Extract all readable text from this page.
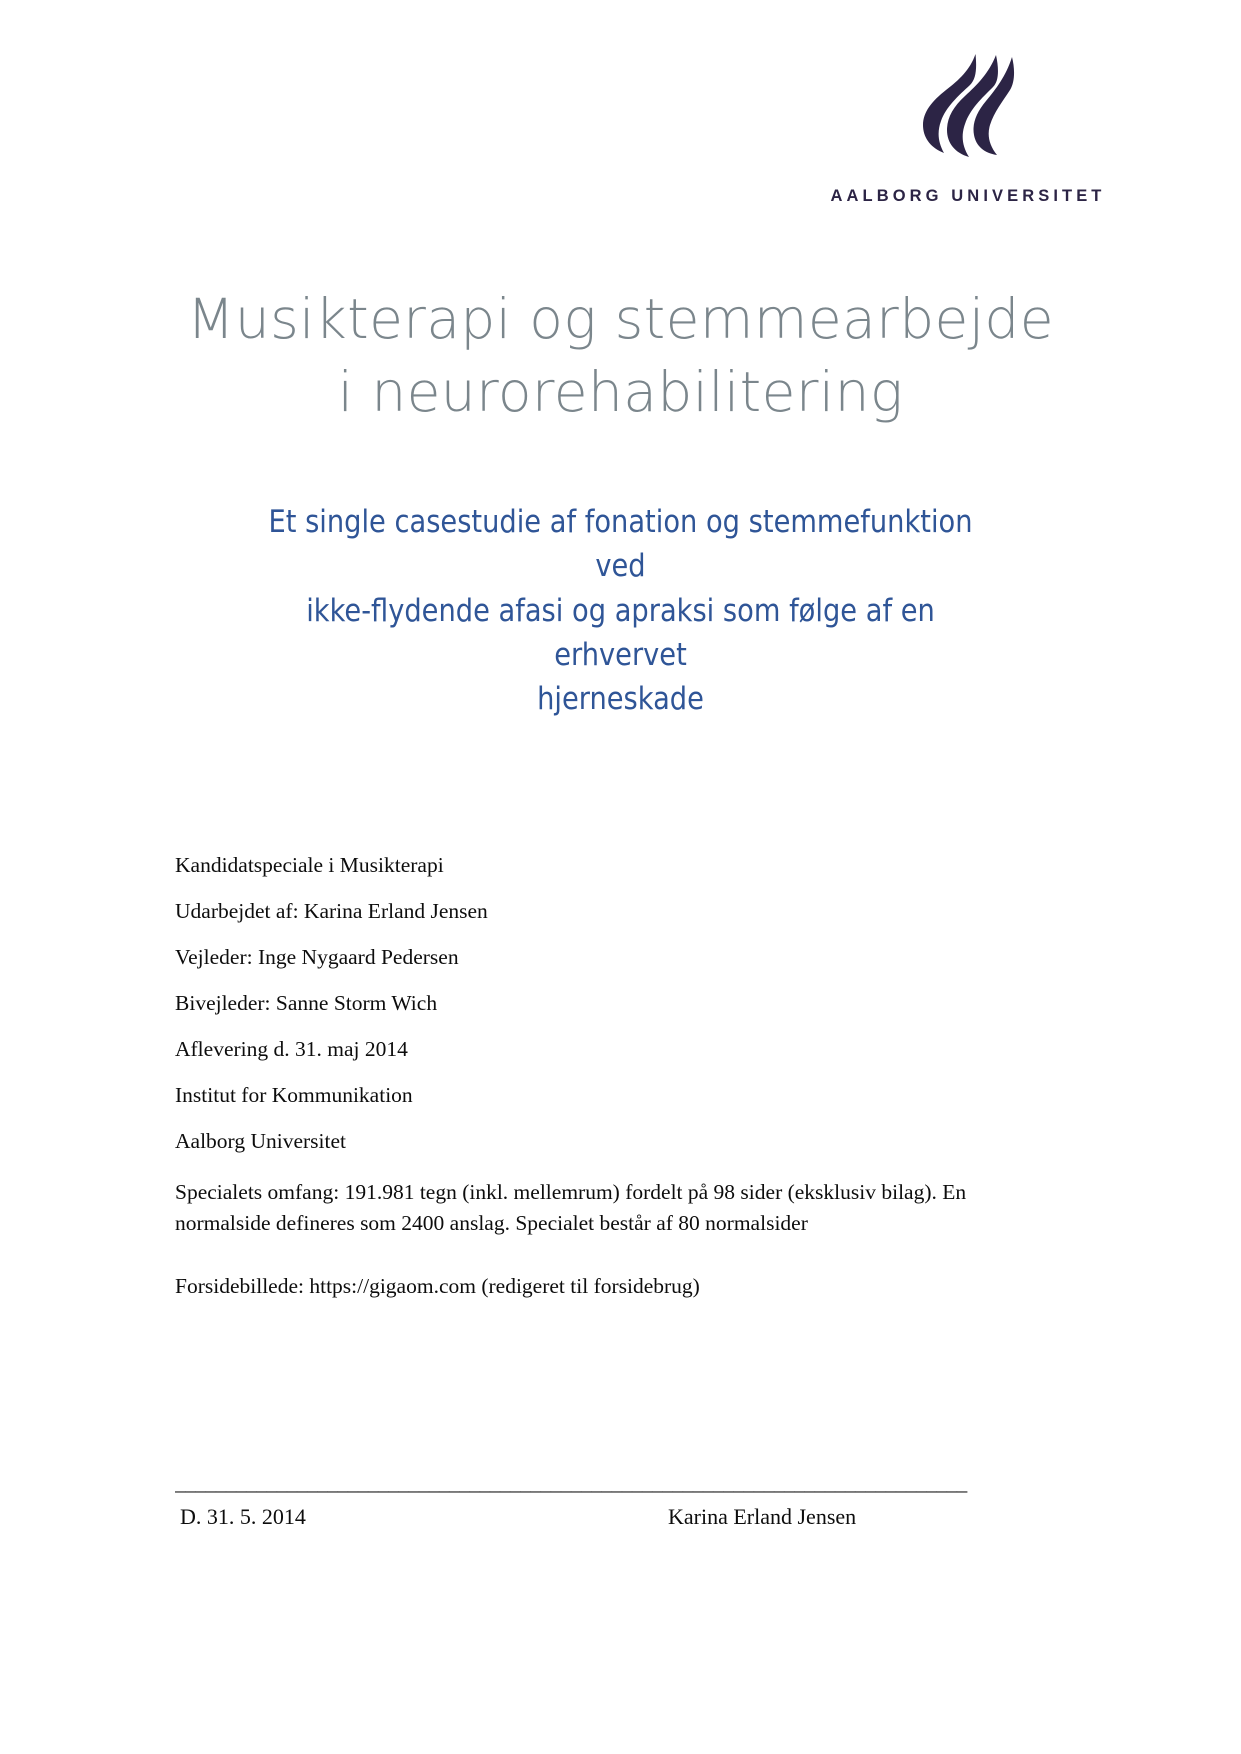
AALBORG UNIVERSITET
Musikterapi og stemmearbejde
i neurorehabilitering
Et single casestudie af fonation og stemmefunktion ved
ikke-flydende afasi og apraksi som følge af en erhvervet
hjerneskade

Kandidatspeciale i Musikterapi

Udarbejdet af: Karina Erland Jensen

Vejleder: Inge Nygaard Pedersen

Bivejleder: Sanne Storm Wich

Aflevering d. 31. maj 2014

Institut for Kommunikation

Aalborg Universitet

Specialets omfang: 191.981 tegn (inkl. mellemrum) fordelt på 98 sider (eksklusiv bilag). En normalside defineres som 2400 anslag. Specialet består af 80 normalsider

Forsidebillede: https://gigaom.com (redigeret til forsidebrug)

______________________________________________________________________________
D. 31. 5. 2014	Karina Erland Jensen
